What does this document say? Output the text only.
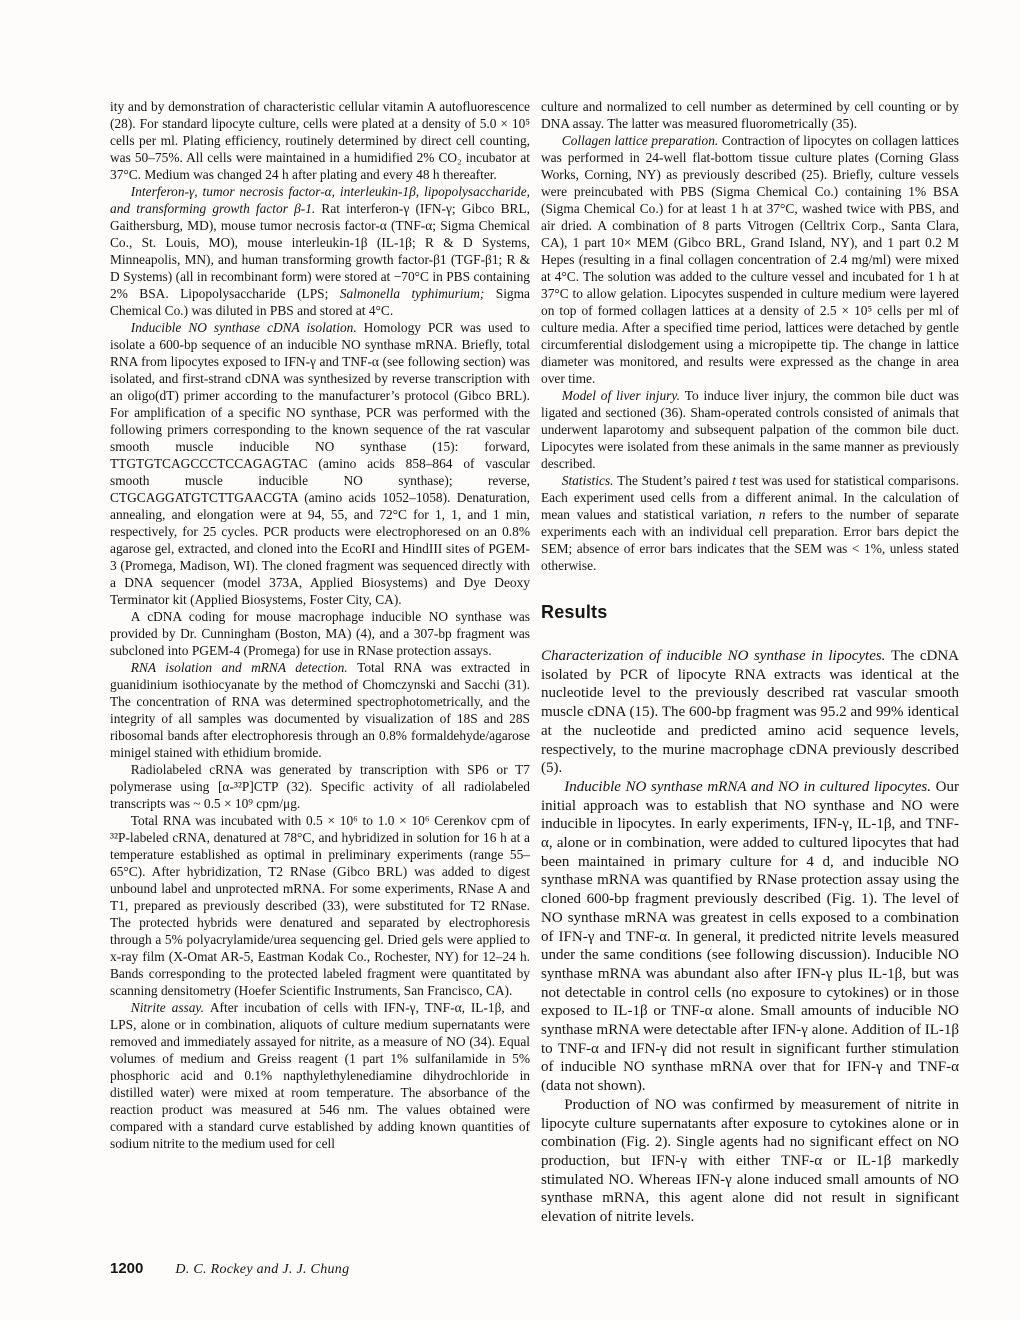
ity and by demonstration of characteristic cellular vitamin A autofluorescence (28). For standard lipocyte culture, cells were plated at a density of 5.0 × 10⁵ cells per ml. Plating efficiency, routinely determined by direct cell counting, was 50–75%. All cells were maintained in a humidified 2% CO₂ incubator at 37°C. Medium was changed 24 h after plating and every 48 h thereafter.

Interferon-γ, tumor necrosis factor-α, interleukin-1β, lipopolysaccharide, and transforming growth factor β-1. Rat interferon-γ (IFN-γ; Gibco BRL, Gaithersburg, MD), mouse tumor necrosis factor-α (TNF-α; Sigma Chemical Co., St. Louis, MO), mouse interleukin-1β (IL-1β; R & D Systems, Minneapolis, MN), and human transforming growth factor-β1 (TGF-β1; R & D Systems) (all in recombinant form) were stored at −70°C in PBS containing 2% BSA. Lipopolysaccharide (LPS; Salmonella typhimurium; Sigma Chemical Co.) was diluted in PBS and stored at 4°C.

Inducible NO synthase cDNA isolation. Homology PCR was used to isolate a 600-bp sequence of an inducible NO synthase mRNA. Briefly, total RNA from lipocytes exposed to IFN-γ and TNF-α (see following section) was isolated, and first-strand cDNA was synthesized by reverse transcription with an oligo(dT) primer according to the manufacturer’s protocol (Gibco BRL). For amplification of a specific NO synthase, PCR was performed with the following primers corresponding to the known sequence of the rat vascular smooth muscle inducible NO synthase (15): forward, TTGTGTCAGCCCTCCAGAGTAC (amino acids 858–864 of vascular smooth muscle inducible NO synthase); reverse, CTGCAGGATGTCTTGAACGTA (amino acids 1052–1058). Denaturation, annealing, and elongation were at 94, 55, and 72°C for 1, 1, and 1 min, respectively, for 25 cycles. PCR products were electrophoresed on an 0.8% agarose gel, extracted, and cloned into the EcoRI and HindIII sites of PGEM-3 (Promega, Madison, WI). The cloned fragment was sequenced directly with a DNA sequencer (model 373A, Applied Biosystems) and Dye Deoxy Terminator kit (Applied Biosystems, Foster City, CA).

A cDNA coding for mouse macrophage inducible NO synthase was provided by Dr. Cunningham (Boston, MA) (4), and a 307-bp fragment was subcloned into PGEM-4 (Promega) for use in RNase protection assays.

RNA isolation and mRNA detection. Total RNA was extracted in guanidinium isothiocyanate by the method of Chomczynski and Sacchi (31). The concentration of RNA was determined spectrophotometrically, and the integrity of all samples was documented by visualization of 18S and 28S ribosomal bands after electrophoresis through an 0.8% formaldehyde/agarose minigel stained with ethidium bromide.

Radiolabeled cRNA was generated by transcription with SP6 or T7 polymerase using [α-³²P]CTP (32). Specific activity of all radiolabeled transcripts was ~ 0.5 × 10⁹ cpm/μg.

Total RNA was incubated with 0.5 × 10⁶ to 1.0 × 10⁶ Cerenkov cpm of ³²P-labeled cRNA, denatured at 78°C, and hybridized in solution for 16 h at a temperature established as optimal in preliminary experiments (range 55–65°C). After hybridization, T2 RNase (Gibco BRL) was added to digest unbound label and unprotected mRNA. For some experiments, RNase A and T1, prepared as previously described (33), were substituted for T2 RNase. The protected hybrids were denatured and separated by electrophoresis through a 5% polyacrylamide/urea sequencing gel. Dried gels were applied to x-ray film (X-Omat AR-5, Eastman Kodak Co., Rochester, NY) for 12–24 h. Bands corresponding to the protected labeled fragment were quantitated by scanning densitometry (Hoefer Scientific Instruments, San Francisco, CA).

Nitrite assay. After incubation of cells with IFN-γ, TNF-α, IL-1β, and LPS, alone or in combination, aliquots of culture medium supernatants were removed and immediately assayed for nitrite, as a measure of NO (34). Equal volumes of medium and Greiss reagent (1 part 1% sulfanilamide in 5% phosphoric acid and 0.1% napthylethylenediamine dihydrochloride in distilled water) were mixed at room temperature. The absorbance of the reaction product was measured at 546 nm. The values obtained were compared with a standard curve established by adding known quantities of sodium nitrite to the medium used for cell

culture and normalized to cell number as determined by cell counting or by DNA assay. The latter was measured fluorometrically (35).

Collagen lattice preparation. Contraction of lipocytes on collagen lattices was performed in 24-well flat-bottom tissue culture plates (Corning Glass Works, Corning, NY) as previously described (25). Briefly, culture vessels were preincubated with PBS (Sigma Chemical Co.) containing 1% BSA (Sigma Chemical Co.) for at least 1 h at 37°C, washed twice with PBS, and air dried. A combination of 8 parts Vitrogen (Celltrix Corp., Santa Clara, CA), 1 part 10× MEM (Gibco BRL, Grand Island, NY), and 1 part 0.2 M Hepes (resulting in a final collagen concentration of 2.4 mg/ml) were mixed at 4°C. The solution was added to the culture vessel and incubated for 1 h at 37°C to allow gelation. Lipocytes suspended in culture medium were layered on top of formed collagen lattices at a density of 2.5 × 10⁵ cells per ml of culture media. After a specified time period, lattices were detached by gentle circumferential dislodgement using a micropipette tip. The change in lattice diameter was monitored, and results were expressed as the change in area over time.

Model of liver injury. To induce liver injury, the common bile duct was ligated and sectioned (36). Sham-operated controls consisted of animals that underwent laparotomy and subsequent palpation of the common bile duct. Lipocytes were isolated from these animals in the same manner as previously described.

Statistics. The Student’s paired t test was used for statistical comparisons. Each experiment used cells from a different animal. In the calculation of mean values and statistical variation, n refers to the number of separate experiments each with an individual cell preparation. Error bars depict the SEM; absence of error bars indicates that the SEM was < 1%, unless stated otherwise.

Results

Characterization of inducible NO synthase in lipocytes. The cDNA isolated by PCR of lipocyte RNA extracts was identical at the nucleotide level to the previously described rat vascular smooth muscle cDNA (15). The 600-bp fragment was 95.2 and 99% identical at the nucleotide and predicted amino acid sequence levels, respectively, to the murine macrophage cDNA previously described (5).

Inducible NO synthase mRNA and NO in cultured lipocytes. Our initial approach was to establish that NO synthase and NO were inducible in lipocytes. In early experiments, IFN-γ, IL-1β, and TNF-α, alone or in combination, were added to cultured lipocytes that had been maintained in primary culture for 4 d, and inducible NO synthase mRNA was quantified by RNase protection assay using the cloned 600-bp fragment previously described (Fig. 1). The level of NO synthase mRNA was greatest in cells exposed to a combination of IFN-γ and TNF-α. In general, it predicted nitrite levels measured under the same conditions (see following discussion). Inducible NO synthase mRNA was abundant also after IFN-γ plus IL-1β, but was not detectable in control cells (no exposure to cytokines) or in those exposed to IL-1β or TNF-α alone. Small amounts of inducible NO synthase mRNA were detectable after IFN-γ alone. Addition of IL-1β to TNF-α and IFN-γ did not result in significant further stimulation of inducible NO synthase mRNA over that for IFN-γ and TNF-α (data not shown).

Production of NO was confirmed by measurement of nitrite in lipocyte culture supernatants after exposure to cytokines alone or in combination (Fig. 2). Single agents had no significant effect on NO production, but IFN-γ with either TNF-α or IL-1β markedly stimulated NO. Whereas IFN-γ alone induced small amounts of NO synthase mRNA, this agent alone did not result in significant elevation of nitrite levels.

1200 D. C. Rockey and J. J. Chung
